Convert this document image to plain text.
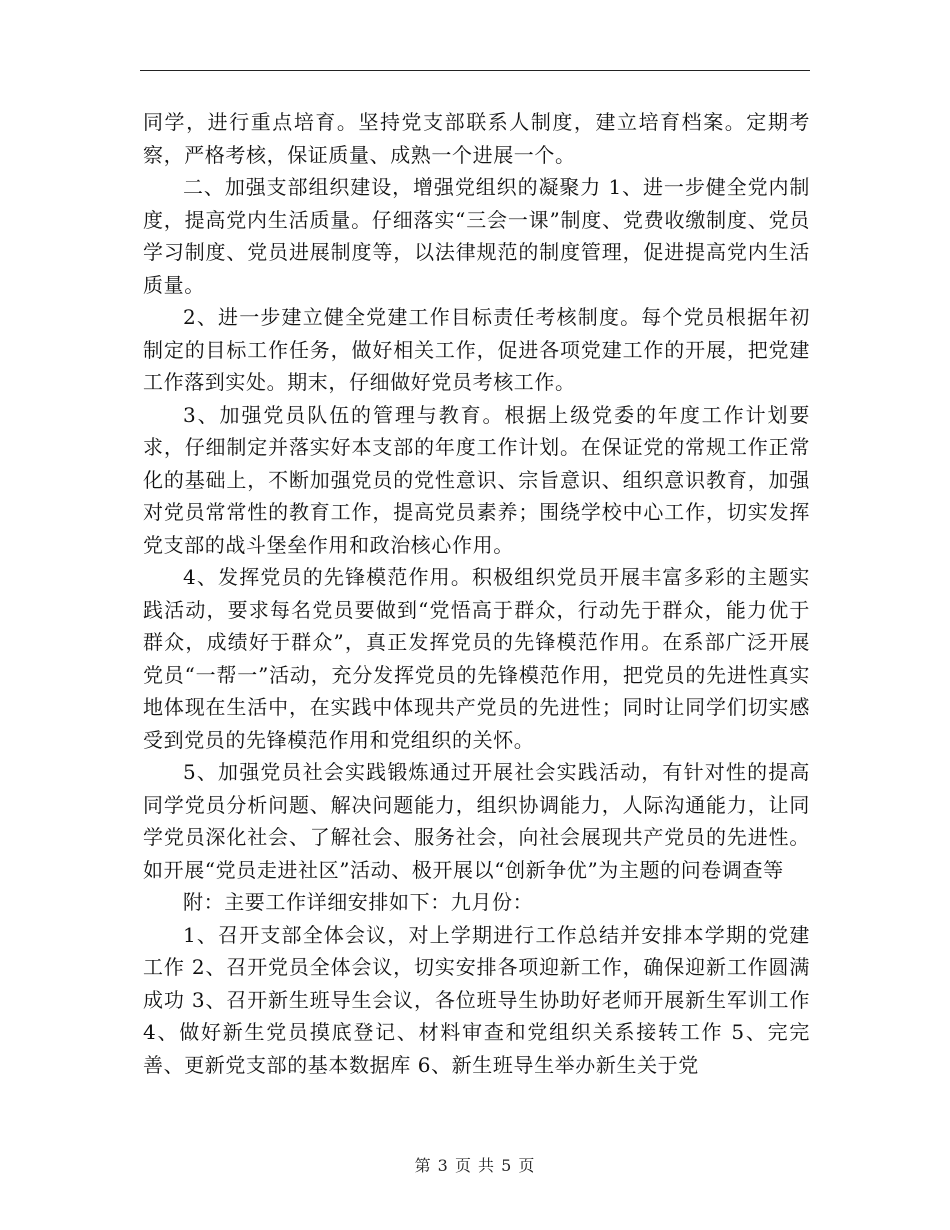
同学，进行重点培育。坚持党支部联系人制度，建立培育档案。定期考察，严格考核，保证质量、成熟一个进展一个。

二、加强支部组织建设，增强党组织的凝聚力 1、进一步健全党内制度，提高党内生活质量。仔细落实“三会一课”制度、党费收缴制度、党员学习制度、党员进展制度等，以法律规范的制度管理，促进提高党内生活质量。

2、进一步建立健全党建工作目标责任考核制度。每个党员根据年初制定的目标工作任务，做好相关工作，促进各项党建工作的开展，把党建工作落到实处。期末，仔细做好党员考核工作。

3、加强党员队伍的管理与教育。根据上级党委的年度工作计划要求，仔细制定并落实好本支部的年度工作计划。在保证党的常规工作正常化的基础上，不断加强党员的党性意识、宗旨意识、组织意识教育，加强对党员常常性的教育工作，提高党员素养；围绕学校中心工作，切实发挥党支部的战斗堡垒作用和政治核心作用。

4、发挥党员的先锋模范作用。积极组织党员开展丰富多彩的主题实践活动，要求每名党员要做到“党悟高于群众，行动先于群众，能力优于群众，成绩好于群众”，真正发挥党员的先锋模范作用。在系部广泛开展党员“一帮一”活动，充分发挥党员的先锋模范作用，把党员的先进性真实地体现在生活中，在实践中体现共产党员的先进性；同时让同学们切实感受到党员的先锋模范作用和党组织的关怀。

5、加强党员社会实践锻炼通过开展社会实践活动，有针对性的提高同学党员分析问题、解决问题能力，组织协调能力，人际沟通能力，让同学党员深化社会、了解社会、服务社会，向社会展现共产党员的先进性。如开展“党员走进社区”活动、极开展以“创新争优”为主题的问卷调查等

附：主要工作详细安排如下：九月份：

1、召开支部全体会议，对上学期进行工作总结并安排本学期的党建工作 2、召开党员全体会议，切实安排各项迎新工作，确保迎新工作圆满成功 3、召开新生班导生会议，各位班导生协助好老师开展新生军训工作 4、做好新生党员摸底登记、材料审查和党组织关系接转工作 5、完完善、更新党支部的基本数据库 6、新生班导生举办新生关于党

第 3 页 共 5 页
